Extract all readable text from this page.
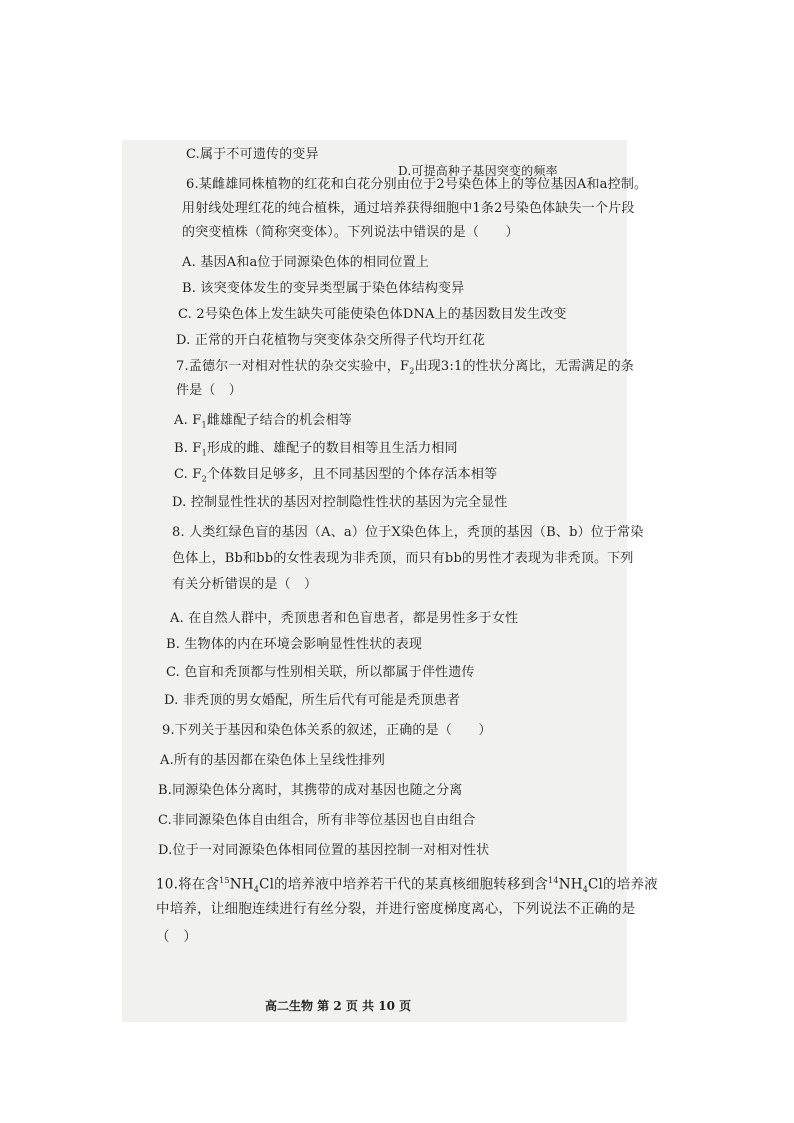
C.属于不可遗传的变异
D.可提高种子基因突变的频率
6.某雌雄同株植物的红花和白花分别由位于2号染色体上的等位基因A和a控制。
用射线处理红花的纯合植株，通过培养获得细胞中1条2号染色体缺失一个片段
的突变植株（简称突变体）。下列说法中错误的是（　　）
A. 基因A和a位于同源染色体的相同位置上
B. 该突变体发生的变异类型属于染色体结构变异
C. 2号染色体上发生缺失可能使染色体DNA上的基因数目发生改变
D. 正常的开白花植物与突变体杂交所得子代均开红花
7.孟德尔一对相对性状的杂交实验中，$F_2$出现3:1的性状分离比，无需满足的条
件是（　）
A. $F_1$雌雄配子结合的机会相等
B. $F_1$形成的雌、雄配子的数目相等且生活力相同
C. $F_2$个体数目足够多，且不同基因型的个体存活本相等
D. 控制显性性状的基因对控制隐性性状的基因为完全显性
8. 人类红绿色盲的基因（A、a）位于X染色体上，秃顶的基因（B、b）位于常染
色体上，Bb和bb的女性表现为非秃顶，而只有bb的男性才表现为非秃顶。下列
有关分析错误的是（　）
A. 在自然人群中，秃顶患者和色盲患者，都是男性多于女性
B. 生物体的内在环境会影响显性性状的表现
C. 色盲和秃顶都与性别相关联，所以都属于伴性遗传
D. 非秃顶的男女婚配，所生后代有可能是秃顶患者
9.下列关于基因和染色体关系的叙述，正确的是（　　）
A.所有的基因都在染色体上呈线性排列
B.同源染色体分离时，其携带的成对基因也随之分离
C.非同源染色体自由组合，所有非等位基因也自由组合
D.位于一对同源染色体相同位置的基因控制一对相对性状
10.将在含$^{15}NH_4Cl$的培养液中培养若干代的某真核细胞转移到含$^{14}NH_4Cl$的培养液
中培养，让细胞连续进行有丝分裂，并进行密度梯度离心，下列说法不正确的是
（　）
高二生物 第 2 页 共 10 页
